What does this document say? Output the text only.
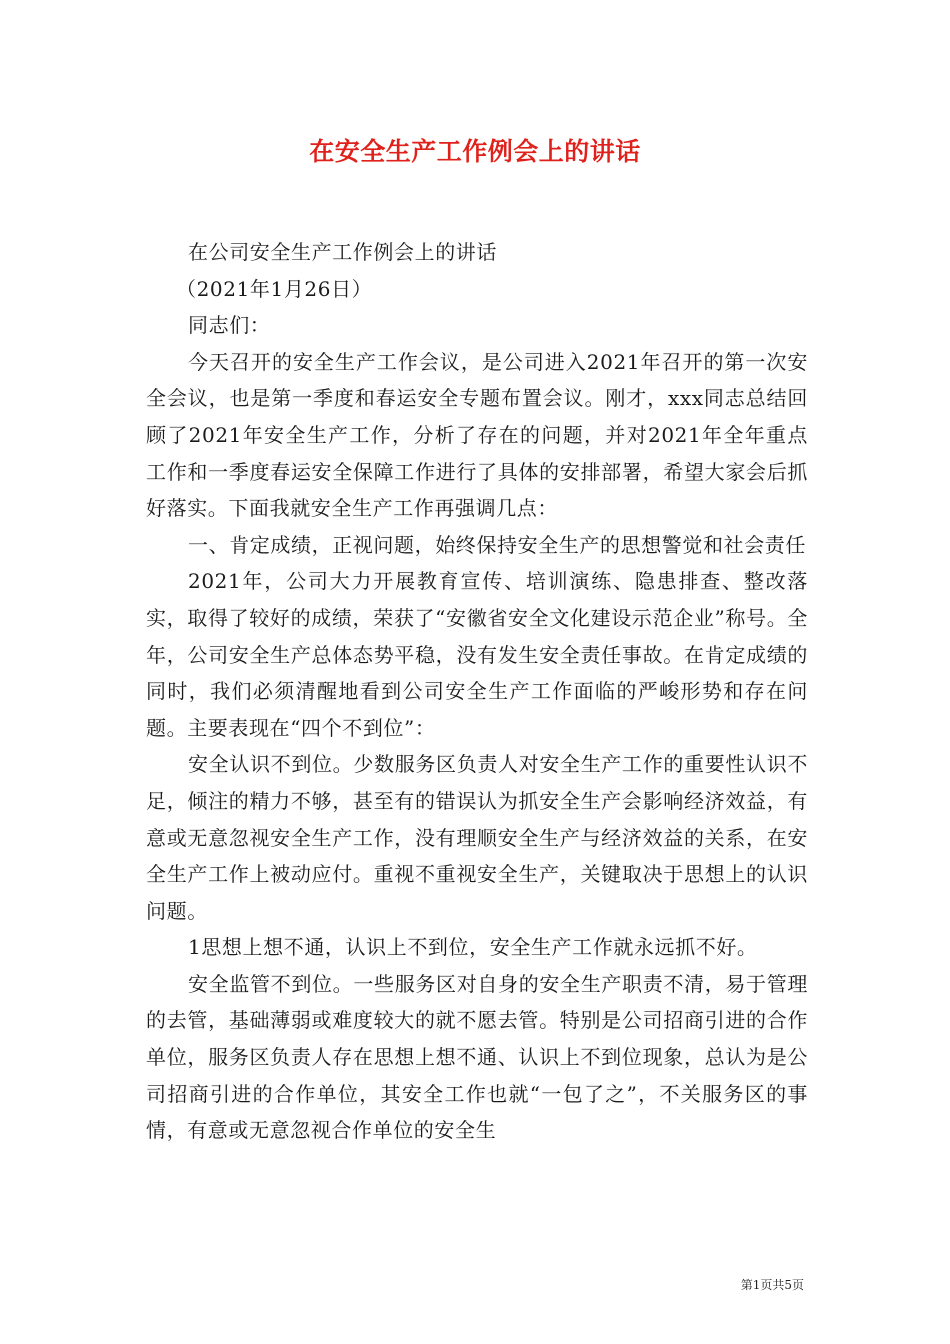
在安全生产工作例会上的讲话

在公司安全生产工作例会上的讲话

（2021年1月26日）

同志们：

今天召开的安全生产工作会议，是公司进入2021年召开的第一次安全会议，也是第一季度和春运安全专题布置会议。刚才，xxx同志总结回顾了2021年安全生产工作，分析了存在的问题，并对2021年全年重点工作和一季度春运安全保障工作进行了具体的安排部署，希望大家会后抓好落实。下面我就安全生产工作再强调几点：

一、肯定成绩，正视问题，始终保持安全生产的思想警觉和社会责任

2021年，公司大力开展教育宣传、培训演练、隐患排查、整改落实，取得了较好的成绩，荣获了“安徽省安全文化建设示范企业”称号。全年，公司安全生产总体态势平稳，没有发生安全责任事故。在肯定成绩的同时，我们必须清醒地看到公司安全生产工作面临的严峻形势和存在问题。主要表现在“四个不到位”：

安全认识不到位。少数服务区负责人对安全生产工作的重要性认识不足，倾注的精力不够，甚至有的错误认为抓安全生产会影响经济效益，有意或无意忽视安全生产工作，没有理顺安全生产与经济效益的关系，在安全生产工作上被动应付。重视不重视安全生产，关键取决于思想上的认识问题。

1思想上想不通，认识上不到位，安全生产工作就永远抓不好。

安全监管不到位。一些服务区对自身的安全生产职责不清，易于管理的去管，基础薄弱或难度较大的就不愿去管。特别是公司招商引进的合作单位，服务区负责人存在思想上想不通、认识上不到位现象，总认为是公司招商引进的合作单位，其安全工作也就“一包了之”，不关服务区的事情，有意或无意忽视合作单位的安全生

第1页共5页
